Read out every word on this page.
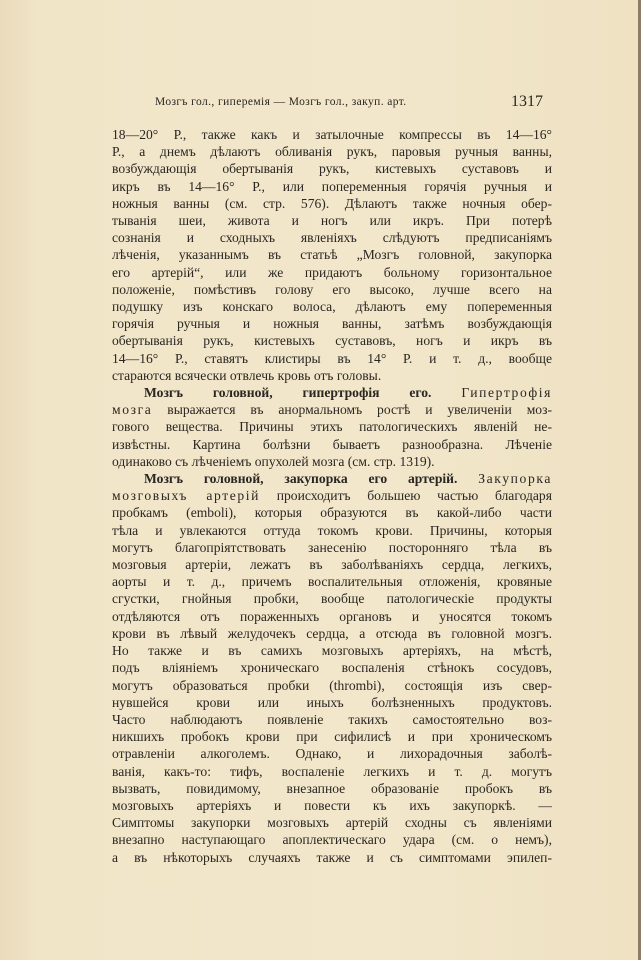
Мозгъ гол., гиперемія — Мозгъ гол., закуп. арт.	1317
18—20° Р., также какъ и затылочные компрессы въ 14—16°
Р., а днемъ дѣлаютъ обливанія рукъ, паровыя ручныя ванны,
возбуждающія обертыванія рукъ, кистевыхъ суставовъ и
икръ въ 14—16° Р., или попеременныя горячія ручныя и
ножныя ванны (см. стр. 576). Дѣлаютъ также ночныя обер-
тыванія шеи, живота и ногъ или икръ. При потерѣ
сознанія и сходныхъ явленіяхъ слѣдуютъ предписаніямъ
лѣченія, указаннымъ въ статьѣ „Мозгъ головной, закупорка
его артерій“, или же придаютъ больному горизонтальное
положеніе, помѣстивъ голову его высоко, лучше всего на
подушку изъ конскаго волоса, дѣлаютъ ему попеременныя
горячія ручныя и ножныя ванны, затѣмъ возбуждающія
обертыванія рукъ, кистевыхъ суставовъ, ногъ и икръ въ
14—16° Р., ставятъ клистиры въ 14° Р. и т. д., вообще
стараются всячески отвлечь кровь отъ головы.
Мозгъ головной, гипертрофія его. Гипертрофія
мозга выражается въ анормальномъ ростѣ и увеличеніи моз-
гового вещества. Причины этихъ патологическихъ явленій не-
извѣстны. Картина болѣзни бываетъ разнообразна. Лѣченіе
одинаково съ лѣченіемъ опухолей мозга (см. стр. 1319).
Мозгъ головной, закупорка его артерій. Закупорка
мозговыхъ артерій происходитъ большею частью благодаря
пробкамъ (emboli), которыя образуются въ какой-либо части
тѣла и увлекаются оттуда токомъ крови. Причины, которыя
могутъ благопріятствовать занесенію посторонняго тѣла въ
мозговыя артеріи, лежатъ въ заболѣваніяхъ сердца, легкихъ,
аорты и т. д., причемъ воспалительныя отложенія, кровяные
сгустки, гнойныя пробки, вообще патологическіе продукты
отдѣляются отъ пораженныхъ органовъ и уносятся токомъ
крови въ лѣвый желудочекъ сердца, а отсюда въ головной мозгъ.
Но также и въ самихъ мозговыхъ артеріяхъ, на мѣстѣ,
подъ вліяніемъ хроническаго воспаленія стѣнокъ сосудовъ,
могутъ образоваться пробки (thrombi), состоящія изъ свер-
нувшейся крови или иныхъ болѣзненныхъ продуктовъ.
Часто наблюдаютъ появленіе такихъ самостоятельно воз-
никшихъ пробокъ крови при сифилисѣ и при хроническомъ
отравленіи алкоголемъ. Однако, и лихорадочныя заболѣ-
ванія, какъ-то: тифъ, воспаленіе легкихъ и т. д. могутъ
вызвать, повидимому, внезапное образованіе пробокъ въ
мозговыхъ артеріяхъ и повести къ ихъ закупоркѣ. —
Симптомы закупорки мозговыхъ артерій сходны съ явленіями
внезапно наступающаго апоплектическаго удара (см. о немъ),
а въ нѣкоторыхъ случаяхъ также и съ симптомами эпилеп-
